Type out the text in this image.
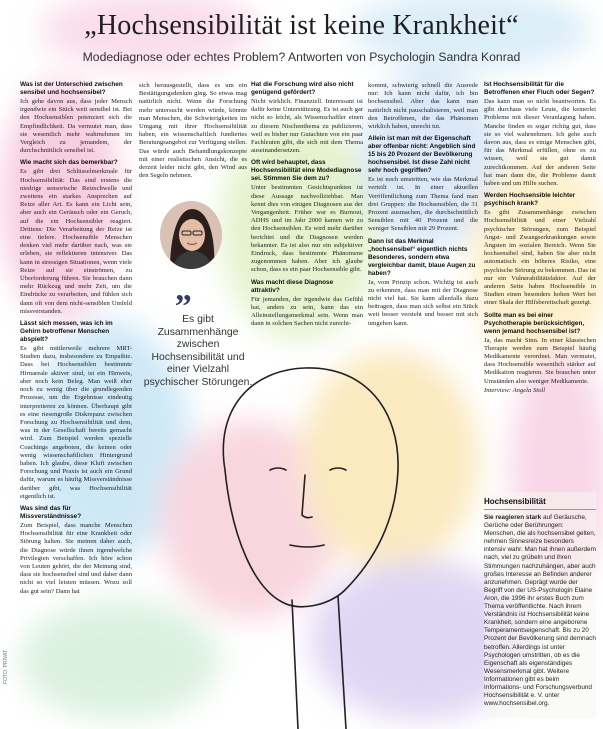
„Hochsensibilität ist keine Krankheit“
Modediagnose oder echtes Problem? Antworten von Psychologin Sandra Konrad
Was ist der Unterschied zwischen sensibel und hochsensibel?

Ich gehe davon aus, dass jeder Mensch irgendwie ein Stück weit sensibel ist. Bei den Hochsensiblen potenziert sich die Empfindlichkeit. Da vermutet man, dass sie wesentlich mehr wahrnehmen im Vergleich zu jemandem, der durchschnittlich sensibel ist.

Wie macht sich das bemerkbar?

Es gibt drei Schlüsselmerkmale für Hochsensibilität: Das sind erstens die niedrige sensorische Reizschwelle und zweitens ein starkes Ansprechen auf Reize aller Art. Es kann ein Licht sein, aber auch ein Geräusch oder ein Geruch, auf die ein Hochsensibler reagiert. Drittens: Die Verarbeitung der Reize ist eine tiefere. Hochsensible Menschen denken viel mehr darüber nach, was sie erleben, sie reflektieren intensiver. Das kann in stressigen Situationen, wenn viele Reize auf sie einströmen, zu Überforderung führen. Sie brauchen dann mehr Rückzug und mehr Zeit, um die Eindrücke zu verarbeiten, und fühlen sich dann oft von dem nicht-sensiblen Umfeld missverstanden.

Lässt sich messen, was ich im Gehirn betroffener Menschen abspielt?

Es gibt mittlerweile mehrere MRT-Studien dazu, insbesondere zu Empathie. Dass bei Hochsensiblen bestimmte Hirnareale aktiver sind, ist ein Hinweis, aber noch kein Beleg. Man weiß eher noch zu wenig über die grundlegenden Prozesse, um die Ergebnisse eindeutig interpretieren zu können. Überhaupt gibt es eine riesengroße Diskrepanz zwischen Forschung zu Hochsensibilität und dem, was in der Gesellschaft bereits gemacht wird. Zum Beispiel werden spezielle Coachings angeboten, die keinen oder wenig wissenschaftlichen Hintergrund haben. Ich glaube, diese Kluft zwischen Forschung und Praxis ist auch ein Grund dafür, warum es häufig Missverständnisse darüber gibt, was Hochsensibilität eigentlich ist.

Was sind das für Missverständnisse?

Zum Beispiel, dass manche Menschen Hochsensibilität für eine Krankheit oder Störung halten. Sie meinen daher auch, die Diagnose würde ihnen irgendwelche Privilegien verschaffen. Ich höre schon von Leuten gehört, die der Meinung sind, dass sie hochsensibel sind und daher dann nicht so viel leisten müssen. Wozu soll das gut sein? Dann hat

sich herausgestellt, dass es um ein Bestätigungsdenken ging. So etwas mag natürlich nicht. Wenn die Forschung mehr untersucht werden würde, könnte man Menschen, die Schwierigkeiten im Umgang mit ihrer Hochsensibilität haben, ein wissenschaftlich fundiertes Beratungsangebot zur Verfügung stellen. Das würde auch Behandlungskonzepte mit einer realistischen Ansicht, die es derzeit leider nicht gibt, den Wind aus den Segeln nehmen.

„
Es gibt Zusammenhänge zwischen Hochsensibilität und einer Vielzahl psychischer Störungen.
Hat die Forschung wird also nicht genügend gefördert?

Nicht wirklich. Finanziell. Interessant ist dafür keine Unterstützung. Es ist auch gar nicht so leicht, als Wissenschaftler einen zu diesem Nischenthema zu publizieren, weil es bisher nur Gutachten von ein paar Fachleuten gibt, die sich mit dem Thema auseinandersetzen.

Oft wird behauptet, dass Hochsensibilität eine Modediagnose sei. Stimmen Sie dem zu?

Unter bestimmten Gesichtspunkten ist diese Aussage nachvollziehbar. Man kennt dies von einigen Diagnosen aus der Vergangenheit. Früher war es Burnout, ADHS und im Jahr 2000 kamen wir zu den Hochsensiblen. Es wird mehr darüber berichtet und die Diagnosen werden bekannter. Es ist also nur ein subjektiver Eindruck, dass bestimmte Phänomene zugenommen haben. Aber ich glaube schon, dass es ein paar Hochsensible gibt.

Was macht diese Diagnose attraktiv?

Für jemanden, der irgendwie das Gefühl hat, anders zu sein, kann das ein Alleinstellungsmerkmal sein. Wenn man dann in solchen Sachen nicht zurecht-

kommt, schwierig schnell die Ausrede nur: Ich kann nicht dafür, ich bin hochsensibel. Aber das kann man natürlich nicht pauschalisieren, weil man den Betroffenen, die das Phänomen wirklich haben, unrecht tut.

Allein ist man mit der Eigenschaft aber offenbar nicht: Angeblich sind 15 bis 20 Prozent der Bevölkerung hochsensibel. Ist diese Zahl nicht sehr hoch gegriffen?

Es ist noch umstritten, wie das Merkmal verteilt ist. In einer aktuellen Veröffentlichung zum Thema fand man drei Gruppen: die Hochsensiblen, die 31 Prozent ausmachen, die durchschnittlich Sensiblen mit 40 Prozent und die weniger Sensiblen mit 29 Prozent.

Dann ist das Merkmal „hochsensibel“ eigentlich nichts Besonderes, sondern etwa vergleichbar damit, blaue Augen zu haben?

Ja, vom Prinzip schon. Wichtig ist auch zu erkennen, dass man mit der Diagnose nicht viel hat. Sie kann allenfalls dazu beitragen, dass man sich selbst ein Stück weit besser versteht und besser mit sich umgehen kann.

Ist Hochsensibilität für die Betroffenen eher Fluch oder Segen?

Das kann man so nicht beantworten. Es gibt durchaus viele Leute, die keinerlei Probleme mit dieser Veranlagung haben. Manche finden es sogar richtig gut, dass sie so viel wahrnehmen. Ich gehe auch davon aus, dass es einige Menschen gibt, für das Merkmal erfüllen, ohne es zu wissen, weil sie gut damit zurechtkommen. Auf der anderen Seite hat man dann die, die Probleme damit haben und um Hilfe suchen.

Werden Hochsensible leichter psychisch krank?

Es gibt Zusammenhänge zwischen Hochsensibilität und einer Vielzahl psychischer Störungen, zum Beispiel Angst- und Zwangserkrankungen sowie Ängsten im sozialen Bereich. Wenn Sie hochsensibel sind, haben Sie aber nicht automatisch ein höheres Risiko, eine psychische Störung zu bekommen. Das ist nur ein Vulnerabilitätsfaktor. Auf der anderen Seite haben Hochsensible in Studien einen besonders hohen Wert bei einer Skala der Hilfsbereitschaft gezeigt.

Sollte man es bei einer Psychotherapie berücksichtigen, wenn jemand hochsensibel ist?

Ja, das macht Sinn. In einer klassischen Therapie werden zum Beispiel häufig Medikamente verordnet. Man vermutet, dass Hochsensible wesentlich stärker auf Medikation reagieren. Sie brauchen unter Umständen also weniger Medikamente.

Interview: Angela Stoll

Hochsensibilität
Sie reagieren stark auf Geräusche, Gerüche oder Berührungen: Menschen, die als hochsensibel gelten, nehmen Sinnesreize besonders intensiv wahr. Man hat ihnen außerdem nach, viel zu grübeln und ihren Stimmungen nachzuhängen, aber auch großes Interesse an Befinden anderer anzunehmen. Geprägt wurde der Begriff von der US-Psychologin Elaine Aron, die 1996 ihr erstes Buch zum Thema veröffentlichte. Nach ihrem Verständnis ist Hochsensibilität keine Krankheit, sondern eine angeborene Temperamentseigenschaft. Bis zu 20 Prozent der Bevölkerung sind demnach betroffen. Allerdings ist unter Psychologen umstritten, ob es die Eigenschaft als eigenständiges Wesensmerkmal gibt. Weitere Informationen gibt es beim Informations- und Forschungsverbund Hochsensibilität e. V. unter www.hochsensibel.org.
FOTO: PRIVAT
